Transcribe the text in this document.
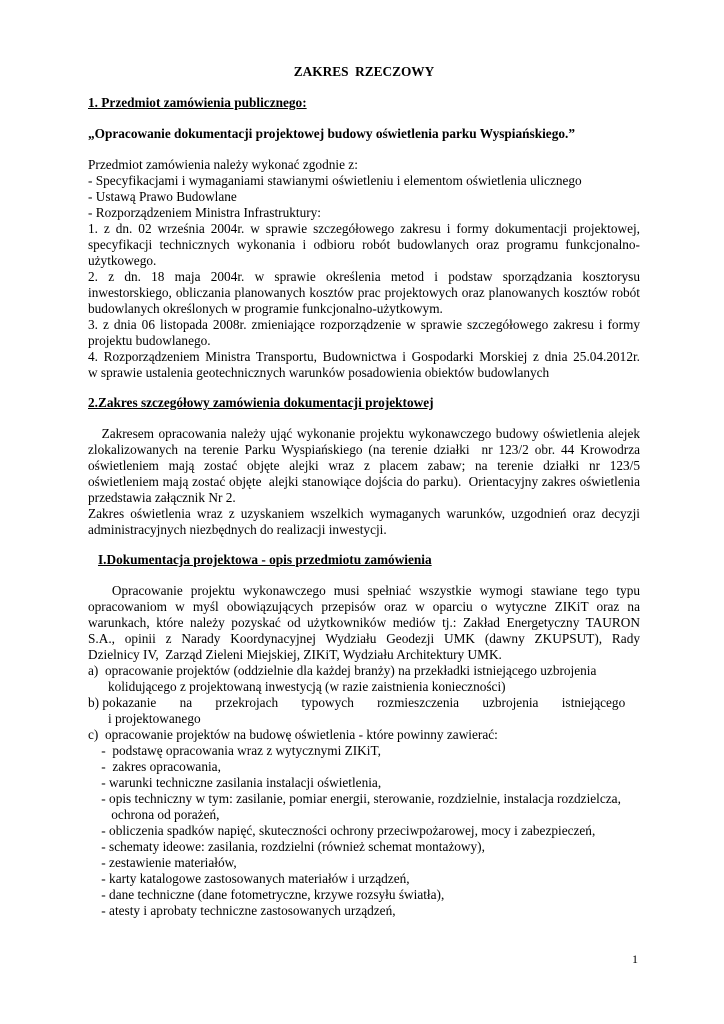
ZAKRES  RZECZOWY
1. Przedmiot zamówienia publicznego:
„Opracowanie dokumentacji projektowej budowy oświetlenia parku Wyspiańskiego.”
Przedmiot zamówienia należy wykonać zgodnie z:
- Specyfikacjami i wymaganiami stawianymi oświetleniu i elementom oświetlenia ulicznego
- Ustawą Prawo Budowlane
- Rozporządzeniem Ministra Infrastruktury:
1. z dn. 02 września 2004r. w sprawie szczegółowego zakresu i formy dokumentacji projektowej,
specyfikacji technicznych wykonania i odbioru robót budowlanych oraz programu funkcjonalno-
użytkowego.
2. z dn. 18 maja 2004r. w sprawie określenia metod i podstaw sporządzania kosztorysu
inwestorskiego, obliczania planowanych kosztów prac projektowych oraz planowanych kosztów robót
budowlanych określonych w programie funkcjonalno-użytkowym.
3. z dnia 06 listopada 2008r. zmieniające rozporządzenie w sprawie szczegółowego zakresu i formy
projektu budowlanego.
4. Rozporządzeniem Ministra Transportu, Budownictwa i Gospodarki Morskiej z dnia 25.04.2012r.
w sprawie ustalenia geotechnicznych warunków posadowienia obiektów budowlanych
2.Zakres szczegółowy zamówienia dokumentacji projektowej
Zakresem opracowania należy ująć wykonanie projektu wykonawczego budowy oświetlenia alejek
zlokalizowanych na terenie Parku Wyspiańskiego (na terenie działki  nr 123/2 obr. 44 Krowodrza
oświetleniem mają zostać objęte alejki wraz z placem zabaw; na terenie działki nr 123/5
oświetleniem mają zostać objęte  alejki stanowiące dojścia do parku).  Orientacyjny zakres oświetlenia
przedstawia załącznik Nr 2.
Zakres oświetlenia wraz z uzyskaniem wszelkich wymaganych warunków, uzgodnień oraz decyzji
administracyjnych niezbędnych do realizacji inwestycji.
I.Dokumentacja projektowa - opis przedmiotu zamówienia
Opracowanie projektu wykonawczego musi spełniać wszystkie wymogi stawiane tego typu
opracowaniom w myśl obowiązujących przepisów oraz w oparciu o wytyczne ZIKiT oraz na
warunkach, które należy pozyskać od użytkowników mediów tj.: Zakład Energetyczny TAURON
S.A., opinii z Narady Koordynacyjnej Wydziału Geodezji UMK (dawny ZKUPSUT), Rady
Dzielnicy IV,  Zarząd Zieleni Miejskiej, ZIKiT, Wydziału Architektury UMK.
a)  opracowanie projektów (oddzielnie dla każdej branży) na przekładki istniejącego uzbrojenia
kolidującego z projektowaną inwestycją (w razie zaistnienia konieczności)
b) pokazanie       na       przekrojach       typowych       rozmieszczenia       uzbrojenia       istniejącego
i projektowanego
c)  opracowanie projektów na budowę oświetlenia - które powinny zawierać:
-  podstawę opracowania wraz z wytycznymi ZIKiT,
-  zakres opracowania,
- warunki techniczne zasilania instalacji oświetlenia,
- opis techniczny w tym: zasilanie, pomiar energii, sterowanie, rozdzielnie, instalacja rozdzielcza,
ochrona od porażeń,
- obliczenia spadków napięć, skuteczności ochrony przeciwpożarowej, mocy i zabezpieczeń,
- schematy ideowe: zasilania, rozdzielni (również schemat montażowy),
- zestawienie materiałów,
- karty katalogowe zastosowanych materiałów i urządzeń,
- dane techniczne (dane fotometryczne, krzywe rozsyłu światła),
- atesty i aprobaty techniczne zastosowanych urządzeń,
1
